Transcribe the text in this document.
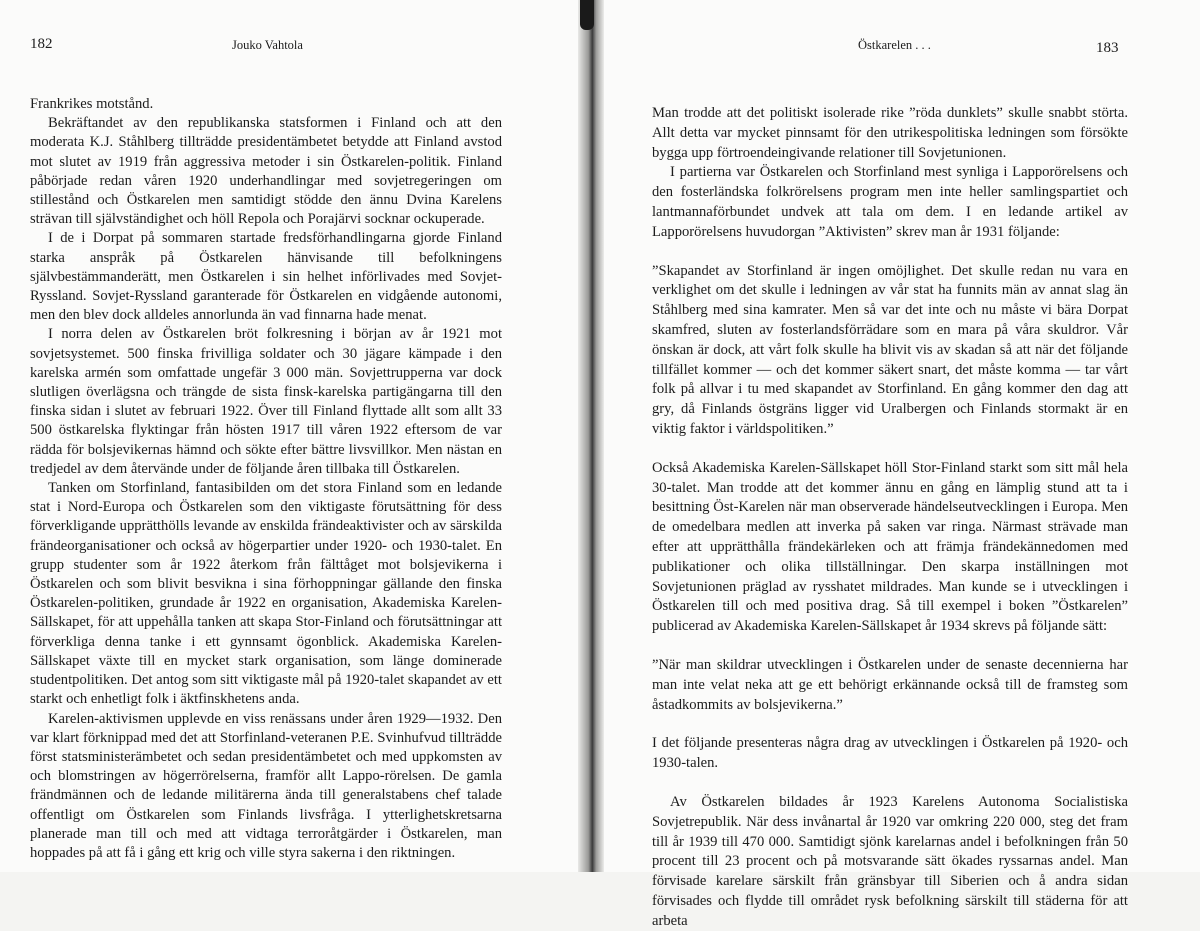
182	Jouko Vahtola

Frankrikes motstånd.

Bekräftandet av den republikanska statsformen i Finland och att den moderata K.J. Ståhlberg tillträdde presidentämbetet betydde att Finland avstod mot slutet av 1919 från aggressiva metoder i sin Östkarelen-politik. Finland påbörjade redan våren 1920 underhandlingar med sovjetregeringen om stillestånd och Östkarelen men samtidigt stödde den ännu Dvina Karelens strävan till självständighet och höll Repola och Porajärvi socknar ockuperade.

I de i Dorpat på sommaren startade fredsförhandlingarna gjorde Finland starka anspråk på Östkarelen hänvisande till befolkningens självbestämmanderätt, men Östkarelen i sin helhet införlivades med Sovjet-Ryssland. Sovjet-Ryssland garanterade för Östkarelen en vidgående autonomi, men den blev dock alldeles annorlunda än vad finnarna hade menat.

I norra delen av Östkarelen bröt folkresning i början av år 1921 mot sovjetsystemet. 500 finska frivilliga soldater och 30 jägare kämpade i den karelska armén som omfattade ungefär 3 000 män. Sovjettrupperna var dock slutligen överlägsna och trängde de sista finsk-karelska partigängarna till den finska sidan i slutet av februari 1922. Över till Finland flyttade allt som allt 33 500 östkarelska flyktingar från hösten 1917 till våren 1922 eftersom de var rädda för bolsjevikernas hämnd och sökte efter bättre livsvillkor. Men nästan en tredjedel av dem återvände under de följande åren tillbaka till Östkarelen.

Tanken om Storfinland, fantasibilden om det stora Finland som en ledande stat i Nord-Europa och Östkarelen som den viktigaste förutsättning för dess förverkligande upprätthölls levande av enskilda frändeaktivister och av särskilda frändeorganisationer och också av högerpartier under 1920- och 1930-talet. En grupp studenter som år 1922 återkom från fälttåget mot bolsjevikerna i Östkarelen och som blivit besvikna i sina förhoppningar gällande den finska Östkarelen-politiken, grundade år 1922 en organisation, Akademiska Karelen-Sällskapet, för att uppehålla tanken att skapa Stor-Finland och förutsättningar att förverkliga denna tanke i ett gynnsamt ögonblick. Akademiska Karelen-Sällskapet växte till en mycket stark organisation, som länge dominerade studentpolitiken. Det antog som sitt viktigaste mål på 1920-talet skapandet av ett starkt och enhetligt folk i äktfinskhetens anda.

Karelen-aktivismen upplevde en viss renässans under åren 1929—1932. Den var klart förknippad med det att Storfinland-veteranen P.E. Svinhufvud tillträdde först statsministerämbetet och sedan presidentämbetet och med uppkomsten av och blomstringen av högerrörelserna, framför allt Lappo-rörelsen. De gamla frändmännen och de ledande militärerna ända till generalstabens chef talade offentligt om Östkarelen som Finlands livsfråga. I ytterlighetskretsarna planerade man till och med att vidtaga terroråtgärder i Östkarelen, man hoppades på att få i gång ett krig och ville styra sakerna i den riktningen.

Östkarelen . . .	183

Man trodde att det politiskt isolerade rike ”röda dunklets” skulle snabbt störta. Allt detta var mycket pinnsamt för den utrikespolitiska ledningen som försökte bygga upp förtroendeingivande relationer till Sovjetunionen.

I partierna var Östkarelen och Storfinland mest synliga i Lapporörelsens och den fosterländska folkrörelsens program men inte heller samlingspartiet och lantmannaförbundet undvek att tala om dem. I en ledande artikel av Lapporörelsens huvudorgan ”Aktivisten” skrev man år 1931 följande:

”Skapandet av Storfinland är ingen omöjlighet. Det skulle redan nu vara en verklighet om det skulle i ledningen av vår stat ha funnits män av annat slag än Ståhlberg med sina kamrater. Men så var det inte och nu måste vi bära Dorpat skamfred, sluten av fosterlandsförrädare som en mara på våra skuldror. Vår önskan är dock, att vårt folk skulle ha blivit vis av skadan så att när det följande tillfället kommer — och det kommer säkert snart, det måste komma — tar vårt folk på allvar i tu med skapandet av Storfinland. En gång kommer den dag att gry, då Finlands östgräns ligger vid Uralbergen och Finlands stormakt är en viktig faktor i världspolitiken.”

Också Akademiska Karelen-Sällskapet höll Stor-Finland starkt som sitt mål hela 30-talet. Man trodde att det kommer ännu en gång en lämplig stund att ta i besittning Öst-Karelen när man observerade händelseutvecklingen i Europa. Men de omedelbara medlen att inverka på saken var ringa. Närmast strävade man efter att upprätthålla frändekärleken och att främja frändekännedomen med publikationer och olika tillställningar. Den skarpa inställningen mot Sovjetunionen präglad av rysshatet mildrades. Man kunde se i utvecklingen i Östkarelen till och med positiva drag. Så till exempel i boken ”Östkarelen” publicerad av Akademiska Karelen-Sällskapet år 1934 skrevs på följande sätt:

”När man skildrar utvecklingen i Östkarelen under de senaste decennierna har man inte velat neka att ge ett behörigt erkännande också till de framsteg som åstadkommits av bolsjevikerna.”

I det följande presenteras några drag av utvecklingen i Östkarelen på 1920- och 1930-talen.

Av Östkarelen bildades år 1923 Karelens Autonoma Socialistiska Sovjetrepublik. När dess invånartal år 1920 var omkring 220 000, steg det fram till år 1939 till 470 000. Samtidigt sjönk karelarnas andel i befolkningen från 50 procent till 23 procent och på motsvarande sätt ökades ryssarnas andel. Man förvisade karelare särskilt från gränsbyar till Siberien och å andra sidan förvisades och flydde till området rysk befolkning särskilt till städerna för att arbeta
